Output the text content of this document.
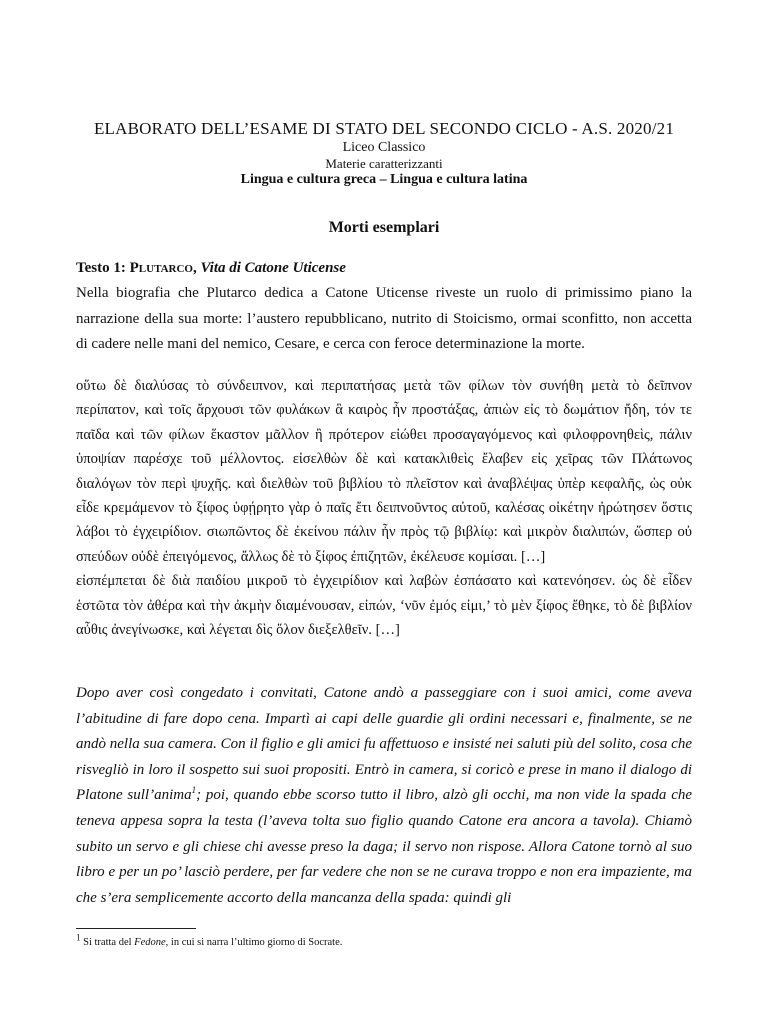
ELABORATO DELL’ESAME DI STATO DEL SECONDO CICLO - A.S. 2020/21
Liceo Classico
Materie caratterizzanti
Lingua e cultura greca – Lingua e cultura latina
Morti esemplari
Testo 1: Plutarco, Vita di Catone Uticense
Nella biografia che Plutarco dedica a Catone Uticense riveste un ruolo di primissimo piano la narrazione della sua morte: l’austero repubblicano, nutrito di Stoicismo, ormai sconfitto, non accetta di cadere nelle mani del nemico, Cesare, e cerca con feroce determinazione la morte.
οὕτω δὲ διαλύσας τὸ σύνδειπνον, καὶ περιπατήσας μετὰ τῶν φίλων τὸν συνήθη μετὰ τὸ δεῖπνον περίπατον, καὶ τοῖς ἄρχουσι τῶν φυλάκων ἃ καιρὸς ἦν προστάξας, ἀπιὼν εἰς τὸ δωμάτιον ἤδη, τόν τε παῖδα καὶ τῶν φίλων ἕκαστον μᾶλλον ἢ πρότερον εἰώθει προσαγαγόμενος καὶ φιλοφρονηθεὶς, πάλιν ὑποψίαν παρέσχε τοῦ μέλλοντος. εἰσελθὼν δὲ καὶ κατακλιθεὶς ἔλαβεν εἰς χεῖρας τῶν Πλάτωνος διαλόγων τὸν περὶ ψυχῆς. καὶ διελθὼν τοῦ βιβλίου τὸ πλεῖστον καὶ ἀναβλέψας ὑπὲρ κεφαλῆς, ὡς οὐκ εἶδε κρεμάμενον τὸ ξίφος ὑφῄρητο γὰρ ὁ παῖς ἔτι δειπνοῦντος αὐτοῦ, καλέσας οἰκέτην ἠρώτησεν ὅστις λάβοι τὸ ἐγχειρίδιον. σιωπῶντος δὲ ἐκείνου πάλιν ἦν πρὸς τῷ βιβλίῳ: καὶ μικρὸν διαλιπών, ὥσπερ οὐ σπεύδων οὐδὲ ἐπειγόμενος, ἄλλως δὲ τὸ ξίφος ἐπιζητῶν, ἐκέλευσε κομίσαι. […]
εἰσπέμπεται δὲ διὰ παιδίου μικροῦ τὸ ἐγχειρίδιον καὶ λαβὼν ἐσπάσατο καὶ κατενόησεν. ὡς δὲ εἶδεν ἑστῶτα τὸν ἀθέρα καὶ τὴν ἀκμὴν διαμένουσαν, εἰπών, ‘νῦν ἐμός εἰμι,’ τὸ μὲν ξίφος ἔθηκε, τὸ δὲ βιβλίον αὖθις ἀνεγίνωσκε, καὶ λέγεται δὶς ὅλον διεξελθεῖν. […]
Dopo aver così congedato i convitati, Catone andò a passeggiare con i suoi amici, come aveva l’abitudine di fare dopo cena. Impartì ai capi delle guardie gli ordini necessari e, finalmente, se ne andò nella sua camera. Con il figlio e gli amici fu affettuoso e insisté nei saluti più del solito, cosa che risvegliò in loro il sospetto sui suoi propositi. Entrò in camera, si coricò e prese in mano il dialogo di Platone sull’anima$^1$; poi, quando ebbe scorso tutto il libro, alzò gli occhi, ma non vide la spada che teneva appesa sopra la testa (l’aveva tolta suo figlio quando Catone era ancora a tavola). Chiamò subito un servo e gli chiese chi avesse preso la daga; il servo non rispose. Allora Catone tornò al suo libro e per un po’ lasciò perdere, per far vedere che non se ne curava troppo e non era impaziente, ma che s’era semplicemente accorto della mancanza della spada: quindi gli
$^1$ Si tratta del Fedone, in cui si narra l’ultimo giorno di Socrate.
